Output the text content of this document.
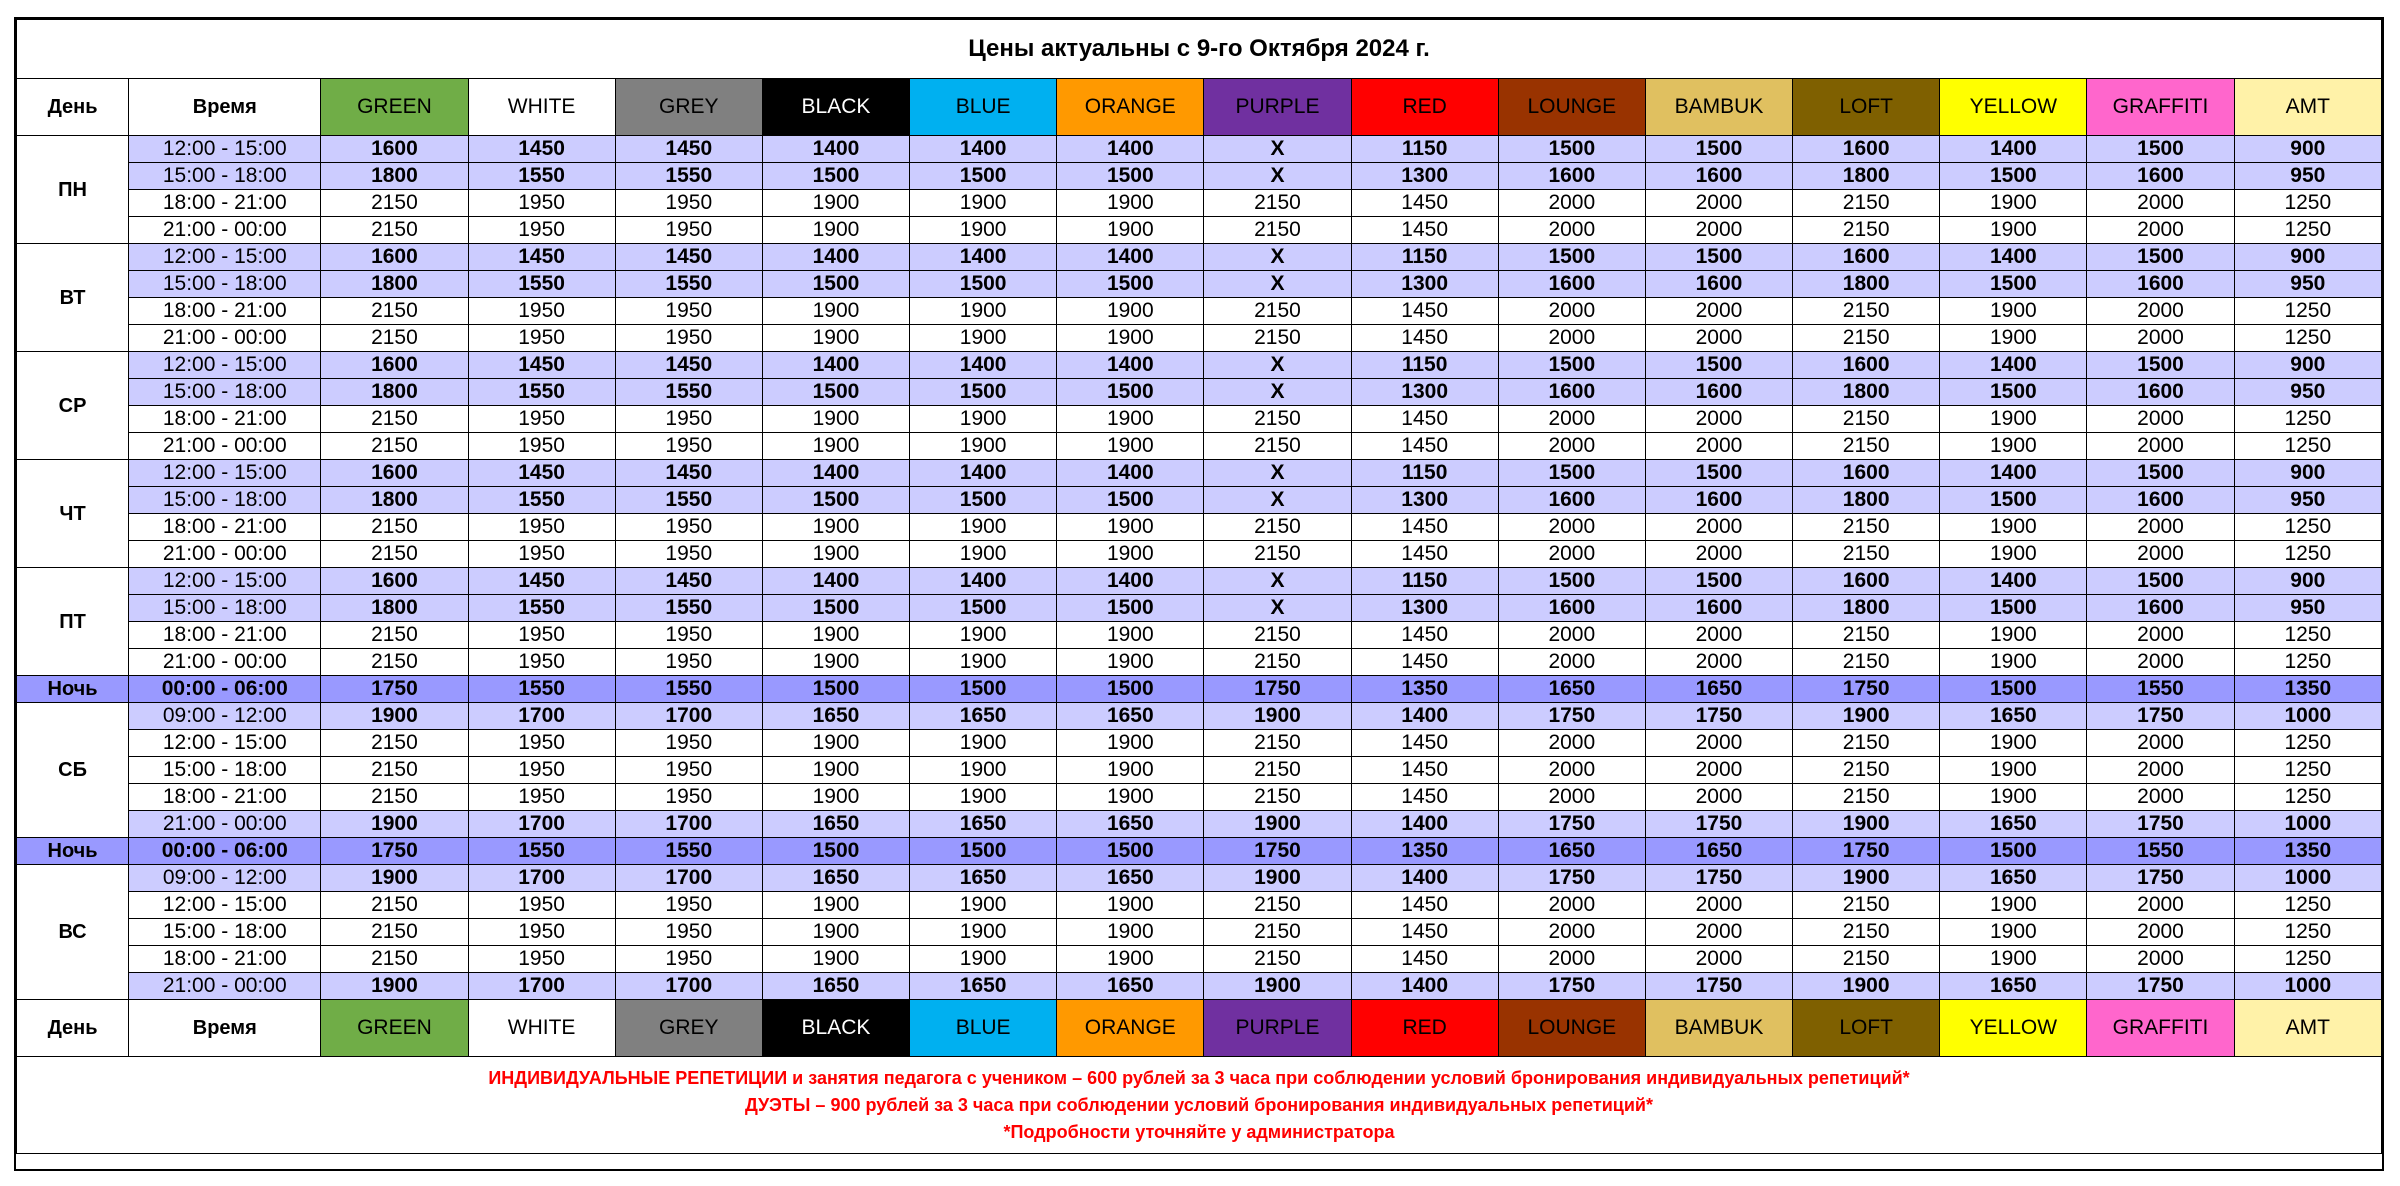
Цены актуальны с 9-го Октября 2024 г.															
День	Время	GREEN	WHITE	GREY	BLACK	BLUE	ORANGE	PURPLE	RED	LOUNGE	BAMBUK	LOFT	YELLOW	GRAFFITI	AMT
ПН	12:00 - 15:00	1600	1450	1450	1400	1400	1400	X	1150	1500	1500	1600	1400	1500	900
	15:00 - 18:00	1800	1550	1550	1500	1500	1500	X	1300	1600	1600	1800	1500	1600	950
	18:00 - 21:00	2150	1950	1950	1900	1900	1900	2150	1450	2000	2000	2150	1900	2000	1250
	21:00 - 00:00	2150	1950	1950	1900	1900	1900	2150	1450	2000	2000	2150	1900	2000	1250
ВТ	12:00 - 15:00	1600	1450	1450	1400	1400	1400	X	1150	1500	1500	1600	1400	1500	900
	15:00 - 18:00	1800	1550	1550	1500	1500	1500	X	1300	1600	1600	1800	1500	1600	950
	18:00 - 21:00	2150	1950	1950	1900	1900	1900	2150	1450	2000	2000	2150	1900	2000	1250
	21:00 - 00:00	2150	1950	1950	1900	1900	1900	2150	1450	2000	2000	2150	1900	2000	1250
СР	12:00 - 15:00	1600	1450	1450	1400	1400	1400	X	1150	1500	1500	1600	1400	1500	900
	15:00 - 18:00	1800	1550	1550	1500	1500	1500	X	1300	1600	1600	1800	1500	1600	950
	18:00 - 21:00	2150	1950	1950	1900	1900	1900	2150	1450	2000	2000	2150	1900	2000	1250
	21:00 - 00:00	2150	1950	1950	1900	1900	1900	2150	1450	2000	2000	2150	1900	2000	1250
ЧТ	12:00 - 15:00	1600	1450	1450	1400	1400	1400	X	1150	1500	1500	1600	1400	1500	900
	15:00 - 18:00	1800	1550	1550	1500	1500	1500	X	1300	1600	1600	1800	1500	1600	950
	18:00 - 21:00	2150	1950	1950	1900	1900	1900	2150	1450	2000	2000	2150	1900	2000	1250
	21:00 - 00:00	2150	1950	1950	1900	1900	1900	2150	1450	2000	2000	2150	1900	2000	1250
ПТ	12:00 - 15:00	1600	1450	1450	1400	1400	1400	X	1150	1500	1500	1600	1400	1500	900
	15:00 - 18:00	1800	1550	1550	1500	1500	1500	X	1300	1600	1600	1800	1500	1600	950
	18:00 - 21:00	2150	1950	1950	1900	1900	1900	2150	1450	2000	2000	2150	1900	2000	1250
	21:00 - 00:00	2150	1950	1950	1900	1900	1900	2150	1450	2000	2000	2150	1900	2000	1250
Ночь	00:00 - 06:00	1750	1550	1550	1500	1500	1500	1750	1350	1650	1650	1750	1500	1550	1350
СБ	09:00 - 12:00	1900	1700	1700	1650	1650	1650	1900	1400	1750	1750	1900	1650	1750	1000
	12:00 - 15:00	2150	1950	1950	1900	1900	1900	2150	1450	2000	2000	2150	1900	2000	1250
	15:00 - 18:00	2150	1950	1950	1900	1900	1900	2150	1450	2000	2000	2150	1900	2000	1250
	18:00 - 21:00	2150	1950	1950	1900	1900	1900	2150	1450	2000	2000	2150	1900	2000	1250
	21:00 - 00:00	1900	1700	1700	1650	1650	1650	1900	1400	1750	1750	1900	1650	1750	1000
Ночь	00:00 - 06:00	1750	1550	1550	1500	1500	1500	1750	1350	1650	1650	1750	1500	1550	1350
ВС	09:00 - 12:00	1900	1700	1700	1650	1650	1650	1900	1400	1750	1750	1900	1650	1750	1000
	12:00 - 15:00	2150	1950	1950	1900	1900	1900	2150	1450	2000	2000	2150	1900	2000	1250
	15:00 - 18:00	2150	1950	1950	1900	1900	1900	2150	1450	2000	2000	2150	1900	2000	1250
	18:00 - 21:00	2150	1950	1950	1900	1900	1900	2150	1450	2000	2000	2150	1900	2000	1250
	21:00 - 00:00	1900	1700	1700	1650	1650	1650	1900	1400	1750	1750	1900	1650	1750	1000
День	Время	GREEN	WHITE	GREY	BLACK	BLUE	ORANGE	PURPLE	RED	LOUNGE	BAMBUK	LOFT	YELLOW	GRAFFITI	AMT

ИНДИВИДУАЛЬНЫЕ РЕПЕТИЦИИ и занятия педагога с учеником – 600 рублей за 3 часа при соблюдении условий бронирования индивидуальных репетиций*
ДУЭТЫ – 900 рублей за 3 часа при соблюдении условий бронирования индивидуальных репетиций*
*Подробности уточняйте у администратора															
